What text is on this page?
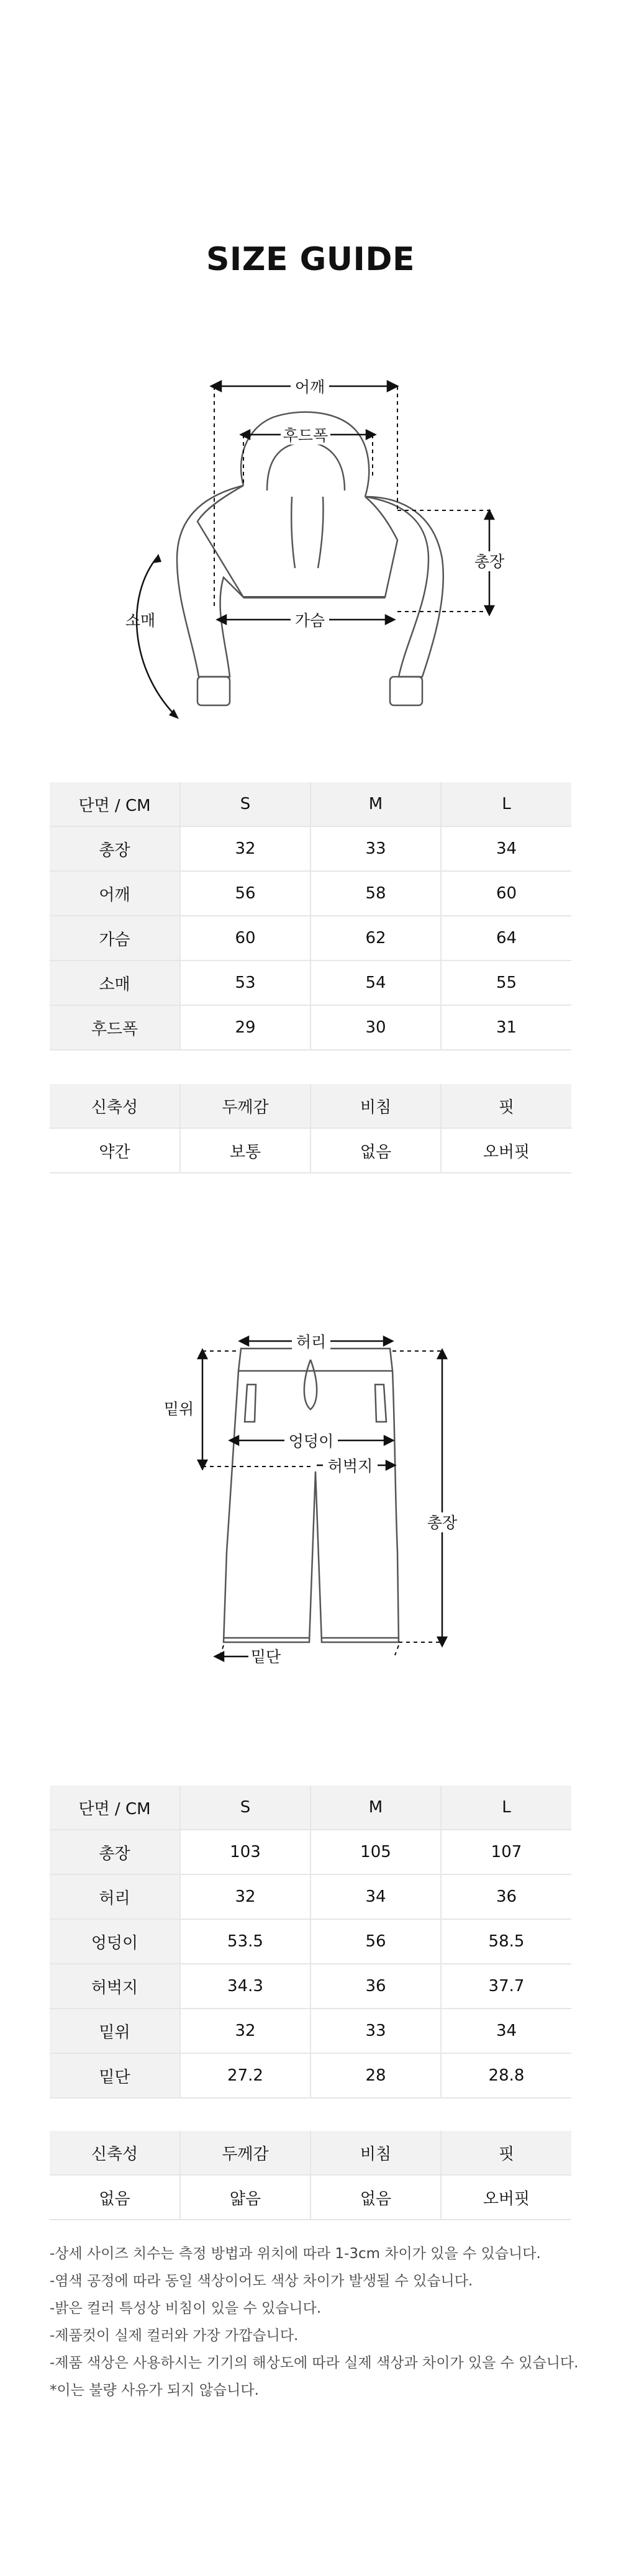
SIZE GUIDE
어깨
후드폭
가슴
총장
소매
단면 / CM	S	M	L
총장	32	33	34
어깨	56	58	60
가슴	60	62	64
소매	53	54	55
후드폭	29	30	31
신축성	두께감	비침	핏
약간	보통	없음	오버핏
허리
엉덩이
허벅지
밑위
총장
밑단
단면 / CM	S	M	L
총장	103	105	107
허리	32	34	36
엉덩이	53.5	56	58.5
허벅지	34.3	36	37.7
밑위	32	33	34
밑단	27.2	28	28.8
신축성	두께감	비침	핏
없음	얇음	없음	오버핏
-상세 사이즈 치수는 측정 방법과 위치에 따라 1-3cm 차이가 있을 수 있습니다.
-염색 공정에 따라 동일 색상이어도 색상 차이가 발생될 수 있습니다.
-밝은 컬러 특성상 비침이 있을 수 있습니다.
-제품컷이 실제 컬러와 가장 가깝습니다.
-제품 색상은 사용하시는 기기의 해상도에 따라 실제 색상과 차이가 있을 수 있습니다.
*이는 불량 사유가 되지 않습니다.
